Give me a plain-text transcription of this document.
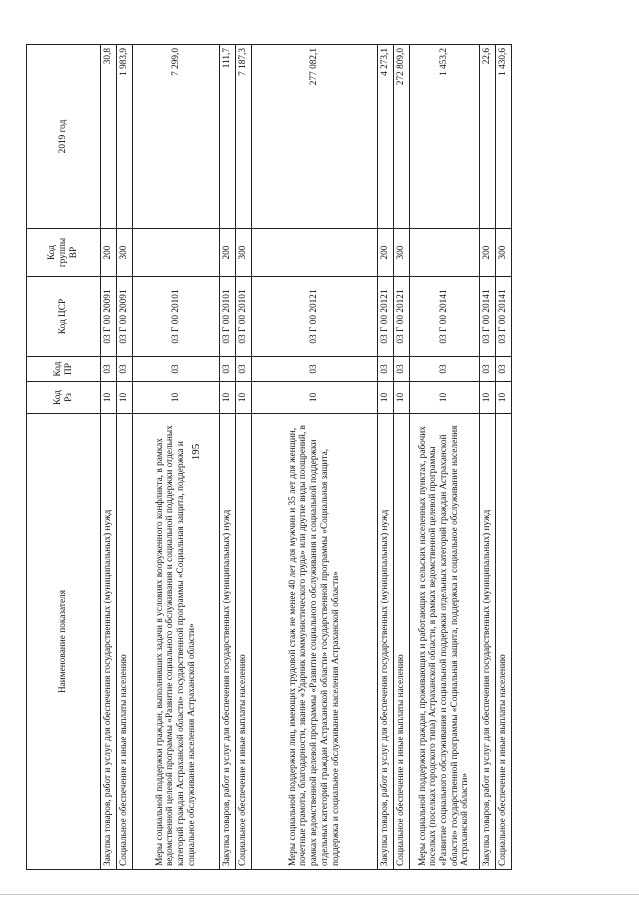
195
Наименование показателя	Код Рз	Код ПР	Код ЦСР	Код группы ВР	2019 год
Закупка товаров, работ и услуг для обеспечения государственных (муниципальных) нужд	10	03	03 Г 00 20091	200	30,8
Социальное обеспечение и иные выплаты населению	10	03	03 Г 00 20091	300	1 983,9
Меры социальной поддержки граждан, выполнявших задачи в условиях вооруженного конфликта, в рамках ведомственной целевой программы «Развитие социального обслуживания и социальной поддержки отдельных категорий граждан Астраханской области» государственной программы «Социальная защита, поддержка и социальное обслуживание населения Астраханской области»	10	03	03 Г 00 20101		7 299,0
Закупка товаров, работ и услуг для обеспечения государственных (муниципальных) нужд	10	03	03 Г 00 20101	200	111,7
Социальное обеспечение и иные выплаты населению	10	03	03 Г 00 20101	300	7 187,3
Меры социальной поддержки лиц, имеющих трудовой стаж не менее 40 лет для мужчин и 35 лет для женщин, почетные грамоты, благодарности, звание «Ударник коммунистического труда» или другие виды поощрений, в рамках ведомственной целевой программы «Развитие социального обслуживания и социальной поддержки отдельных категорий граждан Астраханской области» государственной программы «Социальная защита, поддержка и социальное обслуживание населения Астраханской области»	10	03	03 Г 00 20121		277 082,1
Закупка товаров, работ и услуг для обеспечения государственных (муниципальных) нужд	10	03	03 Г 00 20121	200	4 273,1
Социальное обеспечение и иные выплаты населению	10	03	03 Г 00 20121	300	272 809,0
Меры социальной поддержки граждан, проживающих и работающих в сельских населенных пунктах, рабочих поселках (поселках городского типа) Астраханской области, в рамках ведомственной целевой программы «Развитие социального обслуживания и социальной поддержки отдельных категорий граждан Астраханской области» государственной программы «Социальная защита, поддержка и социальное обслуживание населения Астраханской области»	10	03	03 Г 00 20141		1 453,2
Закупка товаров, работ и услуг для обеспечения государственных (муниципальных) нужд	10	03	03 Г 00 20141	200	22,6
Социальное обеспечение и иные выплаты населению	10	03	03 Г 00 20141	300	1 430,6
